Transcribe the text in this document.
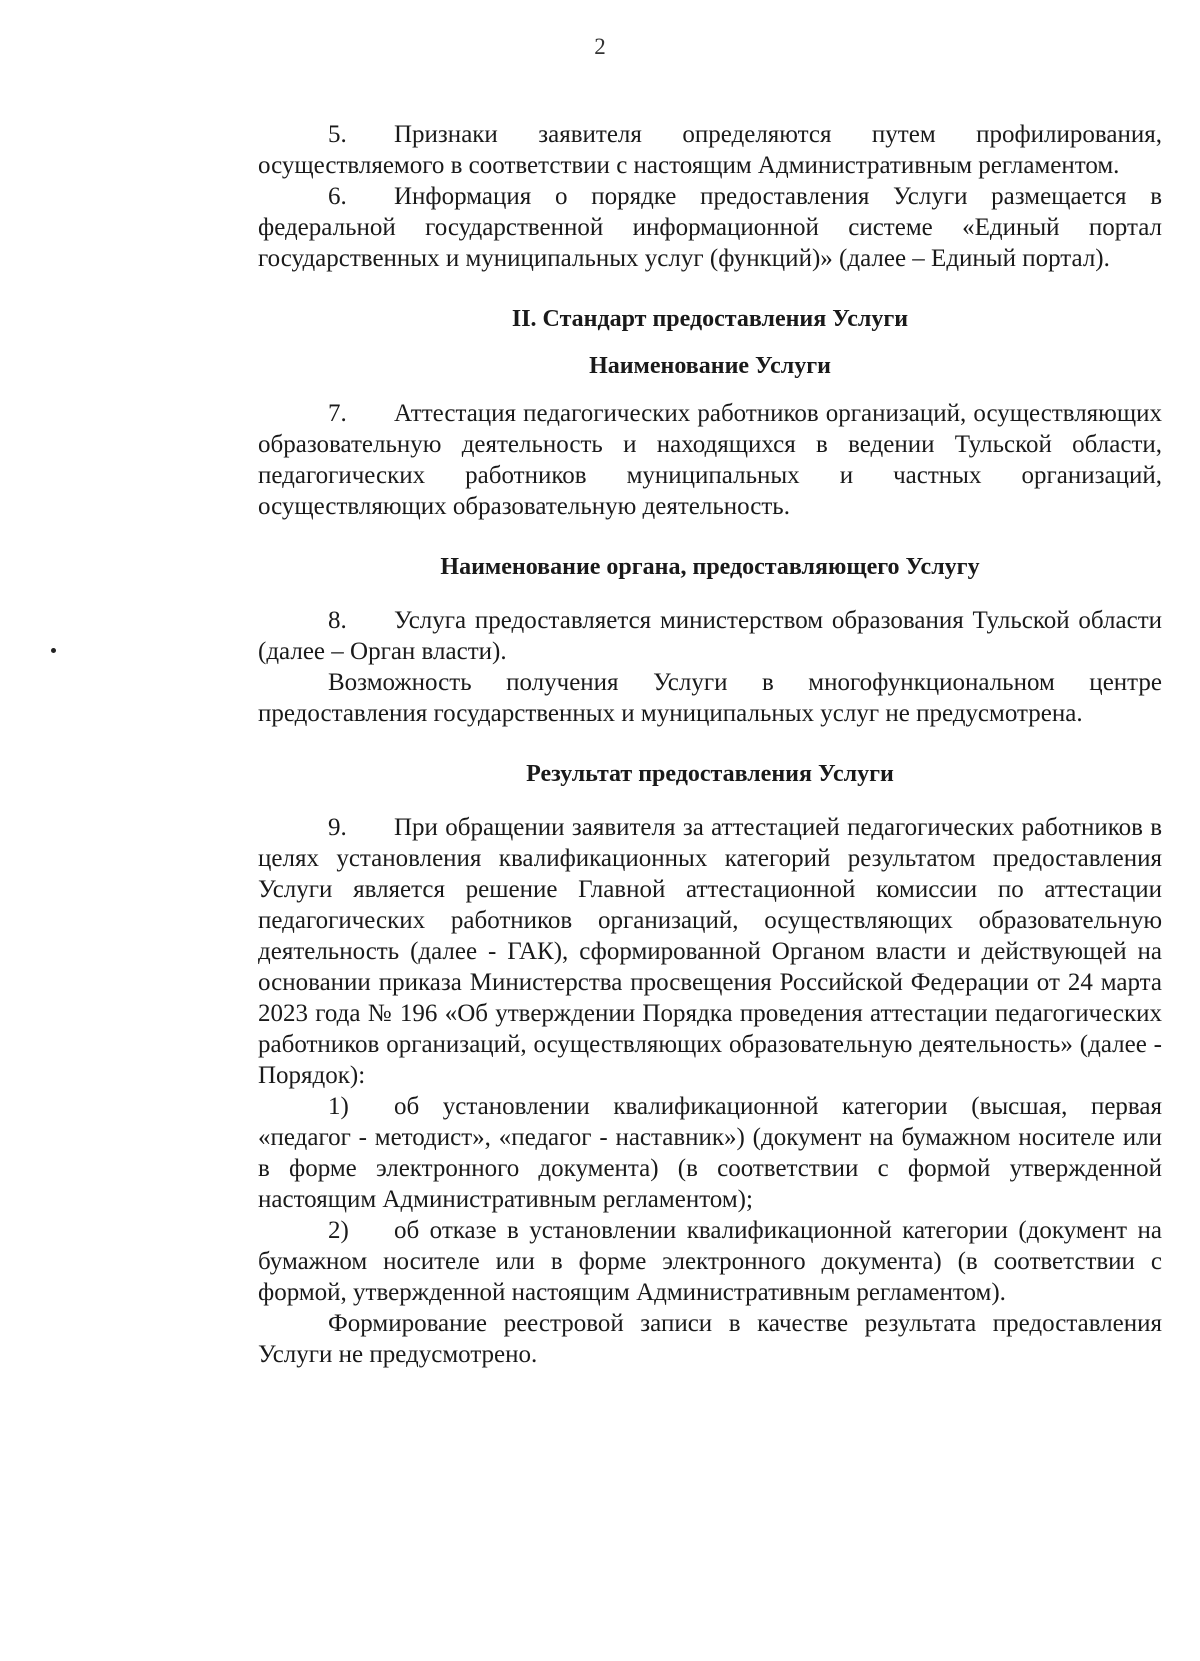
2

5. Признаки заявителя определяются путем профилирования, осуществляемого в соответствии с настоящим Административным регламентом.

6. Информация о порядке предоставления Услуги размещается в федеральной государственной информационной системе «Единый портал государственных и муниципальных услуг (функций)» (далее – Единый портал).

II. Стандарт предоставления Услуги
Наименование Услуги

7. Аттестация педагогических работников организаций, осуществляющих образовательную деятельность и находящихся в ведении Тульской области, педагогических работников муниципальных и частных организаций, осуществляющих образовательную деятельность.

Наименование органа, предоставляющего Услугу

8. Услуга предоставляется министерством образования Тульской области (далее – Орган власти).

Возможность получения Услуги в многофункциональном центре предоставления государственных и муниципальных услуг не предусмотрена.

Результат предоставления Услуги

9. При обращении заявителя за аттестацией педагогических работников в целях установления квалификационных категорий результатом предоставления Услуги является решение Главной аттестационной комиссии по аттестации педагогических работников организаций, осуществляющих образовательную деятельность (далее - ГАК), сформированной Органом власти и действующей на основании приказа Министерства просвещения Российской Федерации от 24 марта 2023 года № 196 «Об утверждении Порядка проведения аттестации педагогических работников организаций, осуществляющих образовательную деятельность» (далее - Порядок):

1) об установлении квалификационной категории (высшая, первая «педагог - методист», «педагог - наставник») (документ на бумажном носителе или в форме электронного документа) (в соответствии с формой утвержденной настоящим Административным регламентом);

2) об отказе в установлении квалификационной категории (документ на бумажном носителе или в форме электронного документа) (в соответствии с формой, утвержденной настоящим Административным регламентом).

Формирование реестровой записи в качестве результата предоставления Услуги не предусмотрено.
